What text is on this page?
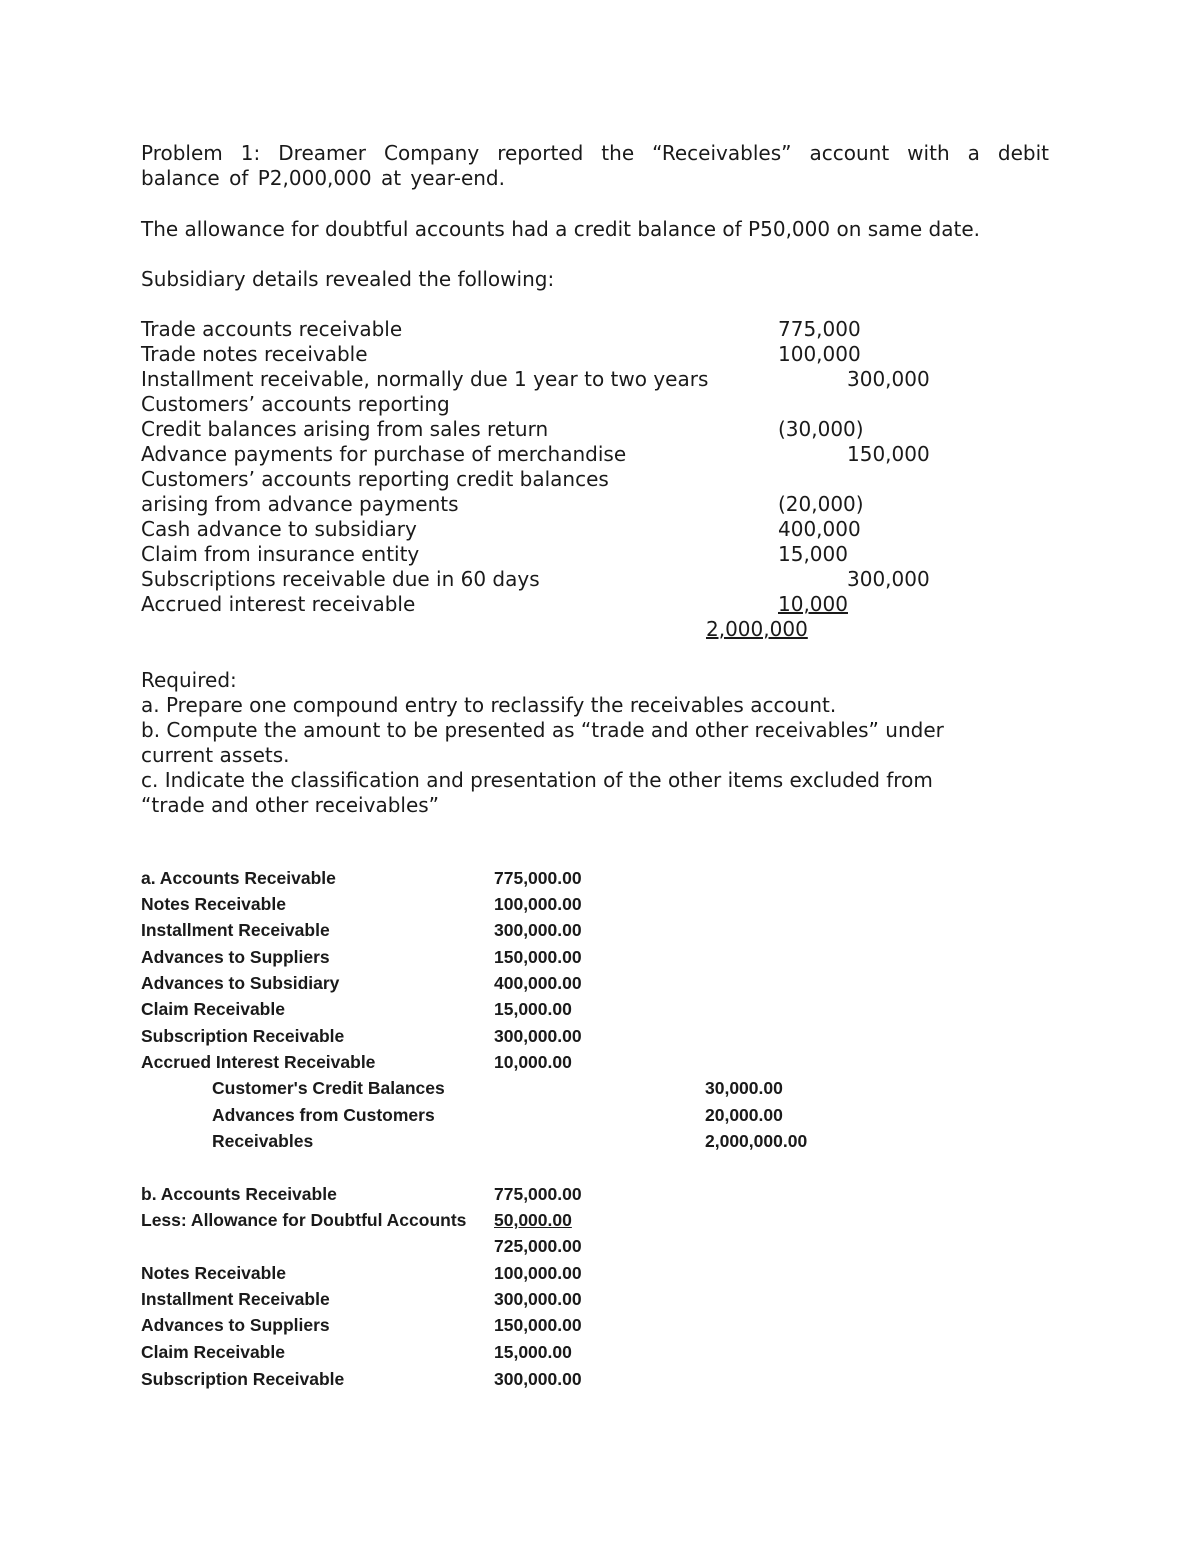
Problem 1: Dreamer Company reported the “Receivables” account with a debit
balance of P2,000,000 at year-end.
The allowance for doubtful accounts had a credit balance of P50,000 on same date.
Subsidiary details revealed the following:
Trade accounts receivable	775,000
Trade notes receivable	100,000
Installment receivable, normally due 1 year to two years	300,000
Customers’ accounts reporting
Credit balances arising from sales return	(30,000)
Advance payments for purchase of merchandise	150,000
Customers’ accounts reporting credit balances
arising from advance payments	(20,000)
Cash advance to subsidiary	400,000
Claim from insurance entity	15,000
Subscriptions receivable due in 60 days	300,000
Accrued interest receivable	10,000
2,000,000
Required:
a. Prepare one compound entry to reclassify the receivables account.
b. Compute the amount to be presented as “trade and other receivables” under
current assets.
c. Indicate the classification and presentation of the other items excluded from
“trade and other receivables”
a. Accounts Receivable	775,000.00
Notes Receivable	100,000.00
Installment Receivable	300,000.00
Advances to Suppliers	150,000.00
Advances to Subsidiary	400,000.00
Claim Receivable	15,000.00
Subscription Receivable	300,000.00
Accrued Interest Receivable	10,000.00
Customer's Credit Balances	30,000.00
Advances from Customers	20,000.00
Receivables	2,000,000.00
b. Accounts Receivable	775,000.00
Less: Allowance for Doubtful Accounts 50,000.00
725,000.00
Notes Receivable	100,000.00
Installment Receivable	300,000.00
Advances to Suppliers	150,000.00
Claim Receivable	15,000.00
Subscription Receivable	300,000.00
